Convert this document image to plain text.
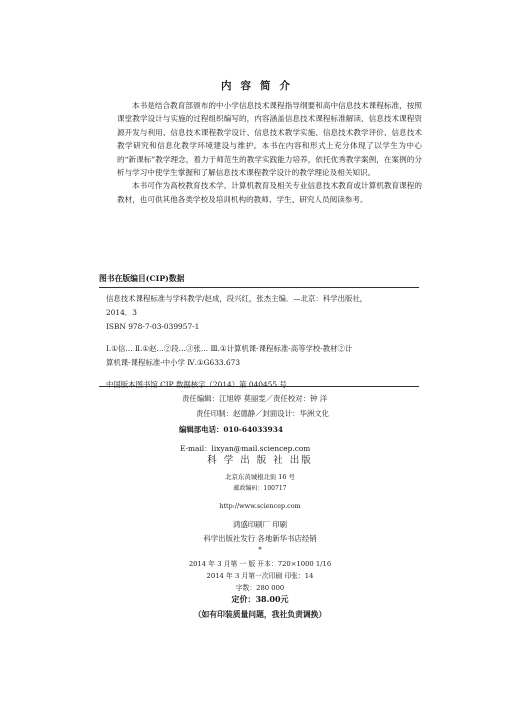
内容简介

本书是结合教育部颁布的中小学信息技术课程指导纲要和高中信息技术课程标准，按照课堂教学设计与实施的过程组织编写的，内容涵盖信息技术课程标准解读、信息技术课程资源开发与利用、信息技术课程教学设计、信息技术教学实施、信息技术教学评价、信息技术教学研究和信息化教学环境建设与维护。本书在内容和形式上充分体现了以学生为中心的“新课标”教学理念，着力于师范生的教学实践能力培养，依托优秀教学案例，在案例的分析与学习中使学生掌握和了解信息技术课程教学设计的教学理论及相关知识。

本书可作为高校教育技术学、计算机教育及相关专业信息技术教育或计算机教育课程的教材，也可供其他各类学校及培训机构的教师、学生、研究人员阅读参考。

图书在版编目(CIP)数据
信息技术课程标准与学科教学/赵成，段兴红，张杰主编．—北京：科学出版社，
2014．3
ISBN 978-7-03-039957-1
Ⅰ.①信… Ⅱ.①赵…②段…③张… Ⅲ.①计算机课-课程标准-高等学校-教材②计
算机课-课程标准-中小学 Ⅳ.①G633.673
中国版本图书馆 CIP 数据核字（2014）第 040455 号
责任编辑：江旭婷 莫丽雯／责任校对：钟 洋
责任印制：赵德静／封面设计：华洲文化
编辑部电话：010-64033934
E-mail：lixyan@mail.sciencep.com
科 学 出 版 社 出版
北京东黄城根北街 16 号
邮政编码：100717
http://www.sciencep.com
鸿盛印刷厂 印刷
科学出版社发行 各地新华书店经销
*
2014 年 3 月第 一 版 开本：720×1000 1/16
2014 年 3 月第一次印刷 印张：14
字数：280 000
定价：38.00元
（如有印装质量问题，我社负责调换）
